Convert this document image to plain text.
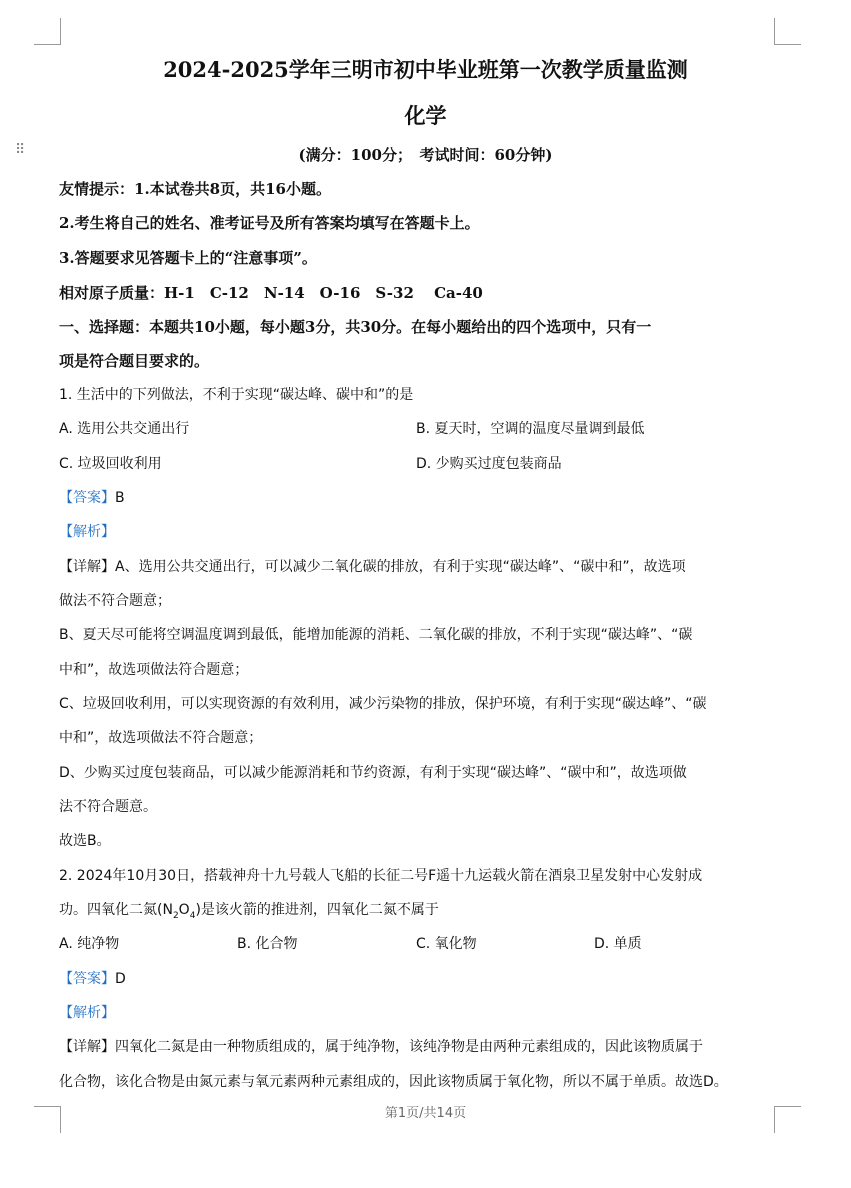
⠿
2024-2025学年三明市初中毕业班第一次教学质量监测
化学
(满分：100分；　考试时间：60分钟)
友情提示：1.本试卷共8页，共16小题。
2.考生将自己的姓名、准考证号及所有答案均填写在答题卡上。
3.答题要求见答题卡上的“注意事项”。
相对原子质量：H-1　C-12　N-14　O-16　S-32　 Ca-40
一、选择题：本题共10小题，每小题3分，共30分。在每小题给出的四个选项中，只有一
项是符合题目要求的。
1. 生活中的下列做法，不利于实现“碳达峰、碳中和”的是
A. 选用公共交通出行	B. 夏天时，空调的温度尽量调到最低
C. 垃圾回收利用	D. 少购买过度包装商品
【答案】B
【解析】
【详解】A、选用公共交通出行，可以减少二氧化碳的排放，有利于实现“碳达峰”、“碳中和”，故选项
做法不符合题意；
B、夏天尽可能将空调温度调到最低，能增加能源的消耗、二氧化碳的排放，不利于实现“碳达峰”、“碳
中和”，故选项做法符合题意；
C、垃圾回收利用，可以实现资源的有效利用，减少污染物的排放，保护环境，有利于实现“碳达峰”、“碳
中和”，故选项做法不符合题意；
D、少购买过度包装商品，可以减少能源消耗和节约资源，有利于实现“碳达峰”、“碳中和”，故选项做
法不符合题意。
故选B。
2. 2024年10月30日，搭载神舟十九号载人飞船的长征二号F遥十九运载火箭在酒泉卫星发射中心发射成
功。四氧化二氮$(N_2O_4)$是该火箭的推进剂，四氧化二氮不属于
A. 纯净物	B. 化合物	C. 氧化物	D. 单质
【答案】D
【解析】
【详解】四氧化二氮是由一种物质组成的，属于纯净物，该纯净物是由两种元素组成的，因此该物质属于
化合物，该化合物是由氮元素与氧元素两种元素组成的，因此该物质属于氧化物，所以不属于单质。故选D。
第1页/共14页
